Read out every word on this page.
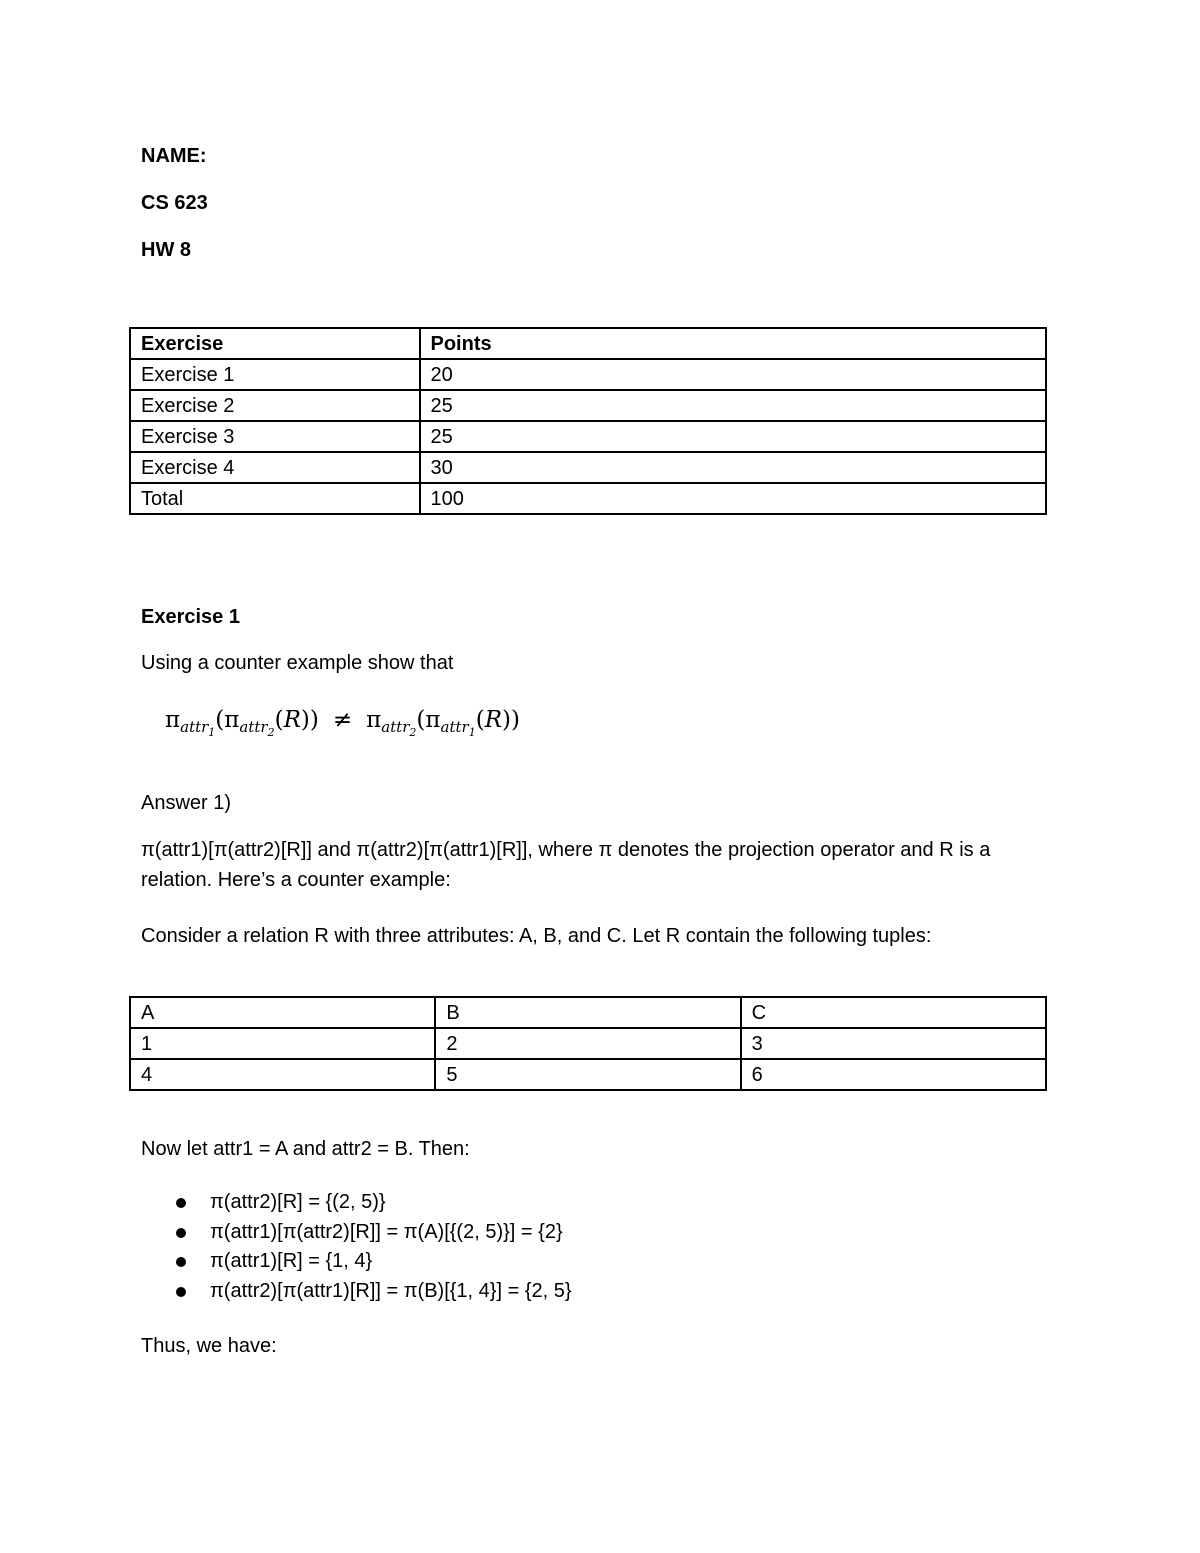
NAME:

CS 623

HW 8

Exercise	Points
Exercise 1	20
Exercise 2	25
Exercise 3	25
Exercise 4	30
Total	100

Exercise 1

Using a counter example show that

$\pi_{attr_1}(\pi_{attr_2}(R)) \ne \pi_{attr_2}(\pi_{attr_1}(R))$

Answer 1)

π(attr1)[π(attr2)[R]] and π(attr2)[π(attr1)[R]], where π denotes the projection operator and R is a relation. Here’s a counter example:

Consider a relation R with three attributes: A, B, and C. Let R contain the following tuples:

A	B	C
1	2	3
4	5	6

Now let attr1 = A and attr2 = B. Then:

π(attr2)[R] = {(2, 5)}
π(attr1)[π(attr2)[R]] = π(A)[{(2, 5)}] = {2}
π(attr1)[R] = {1, 4}
π(attr2)[π(attr1)[R]] = π(B)[{1, 4}] = {2, 5}

Thus, we have:
